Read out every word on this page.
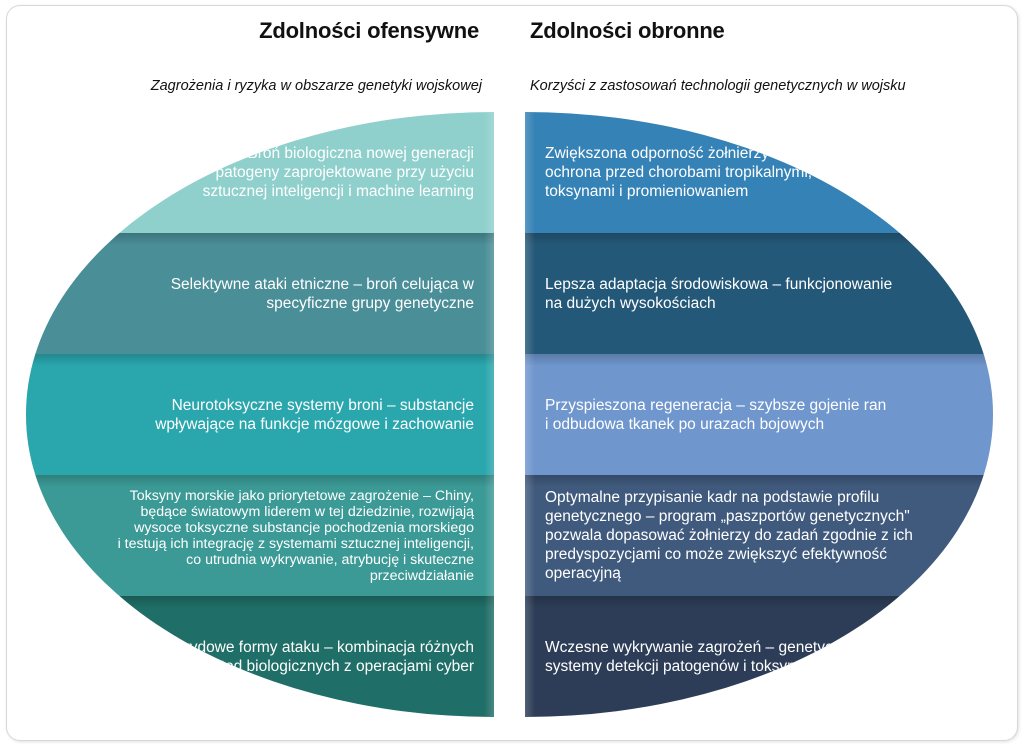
Zdolności ofensywne Zdolności obronne
Zagrożenia i ryzyka w obszarze genetyki wojskowej	Korzyści z zastosowań technologii genetycznych w wojsku
Broń biologiczna nowej generacji
– patogeny zaprojektowane przy użyciu
sztucznej inteligencji i machine learning
Selektywne ataki etniczne – broń celująca w
specyficzne grupy genetyczne
Neurotoksyczne systemy broni – substancje
wpływające na funkcje mózgowe i zachowanie
Toksyny morskie jako priorytetowe zagrożenie – Chiny,
będące światowym liderem w tej dziedzinie, rozwijają
wysoce toksyczne substancje pochodzenia morskiego
i testują ich integrację z systemami sztucznej inteligencji,
co utrudnia wykrywanie, atrybucję i skuteczne
przeciwdziałanie
Hybrydowe formy ataku – kombinacja różnych
metod biologicznych z operacjami cyber
Zwiększona odporność żołnierzy –
ochrona przed chorobami tropikalnymi,
toksynami i promieniowaniem
Lepsza adaptacja środowiskowa – funkcjonowanie
na dużych wysokościach
Przyspieszona regeneracja – szybsze gojenie ran
i odbudowa tkanek po urazach bojowych
Optymalne przypisanie kadr na podstawie profilu
genetycznego – program „paszportów genetycznych"
pozwala dopasować żołnierzy do zadań zgodnie z ich
predyspozycjami co może zwiększyć efektywność
operacyjną
Wczesne wykrywanie zagrożeń – genetyczne
systemy detekcji patogenów i toksyn
